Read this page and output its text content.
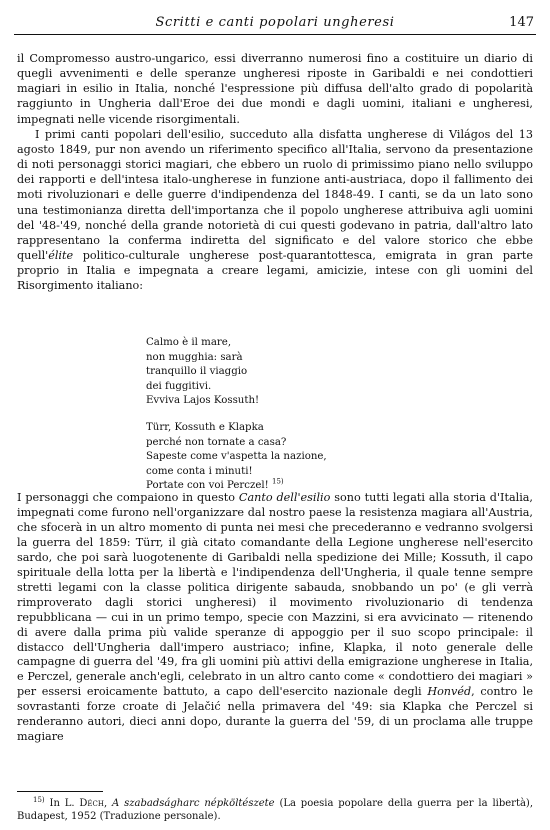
Scritti e canti popolari ungheresi	147

il Compromesso austro-ungarico, essi diverranno numerosi fino a costituire un diario di quegli avvenimenti e delle speranze ungheresi riposte in Garibaldi e nei condottieri magiari in esilio in Italia, nonché l'espressione più diffusa dell'alto grado di popolarità raggiunto in Ungheria dall'Eroe dei due mondi e dagli uomini, italiani e ungheresi, impegnati nelle vicende risorgimentali.

I primi canti popolari dell'esilio, succeduto alla disfatta ungherese di Világos del 13 agosto 1849, pur non avendo un riferimento specifico all'Italia, servono da presentazione di noti personaggi storici magiari, che ebbero un ruolo di primissimo piano nello sviluppo dei rapporti e dell'intesa italo-ungherese in funzione anti-austriaca, dopo il fallimento dei moti rivoluzionari e delle guerre d'indipendenza del 1848-49. I canti, se da un lato sono una testimonianza diretta dell'importanza che il popolo ungherese attribuiva agli uomini del '48-'49, nonché della grande notorietà di cui questi godevano in patria, dall'altro lato rappresentano la conferma indiretta del significato e del valore storico che ebbe quell'élite politico-culturale ungherese post-quarantottesca, emigrata in gran parte proprio in Italia e impegnata a creare legami, amicizie, intese con gli uomini del Risorgimento italiano:

Calmo è il mare,
non mugghia: sarà
tranquillo il viaggio
dei fuggitivi.
Evviva Lajos Kossuth!
Türr, Kossuth e Klapka
perché non tornate a casa?
Sapeste come v'aspetta la nazione,
come conta i minuti!
Portate con voi Perczel! $^{15)}$

I personaggi che compaiono in questo Canto dell'esilio sono tutti legati alla storia d'Italia, impegnati come furono nell'organizzare dal nostro paese la resistenza magiara all'Austria, che sfocerà in un altro momento di punta nei mesi che precederanno e vedranno svolgersi la guerra del 1859: Türr, il già citato comandante della Legione ungherese nell'esercito sardo, che poi sarà luogotenente di Garibaldi nella spedizione dei Mille; Kossuth, il capo spirituale della lotta per la libertà e l'indipendenza dell'Ungheria, il quale tenne sempre stretti legami con la classe politica dirigente sabauda, snobbando un po' (e gli verrà rimproverato dagli storici ungheresi) il movimento rivoluzionario di tendenza repubblicana — cui in un primo tempo, specie con Mazzini, si era avvicinato — ritenendo di avere dalla prima più valide speranze di appoggio per il suo scopo principale: il distacco dell'Ungheria dall'impero austriaco; infine, Klapka, il noto generale delle campagne di guerra del '49, fra gli uomini più attivi della emigrazione ungherese in Italia, e Perczel, generale anch'egli, celebrato in un altro canto come « condottiero dei magiari » per essersi eroicamente battuto, a capo dell'esercito nazionale degli Honvéd, contro le sovrastanti forze croate di Jelačić nella primavera del '49: sia Klapka che Perczel si renderanno autori, dieci anni dopo, durante la guerra del '59, di un proclama alle truppe magiare

$^{15)}$ In L. Déch, A szabadságharc népköltészete (La poesia popolare della guerra per la libertà), Budapest, 1952 (Traduzione personale).
